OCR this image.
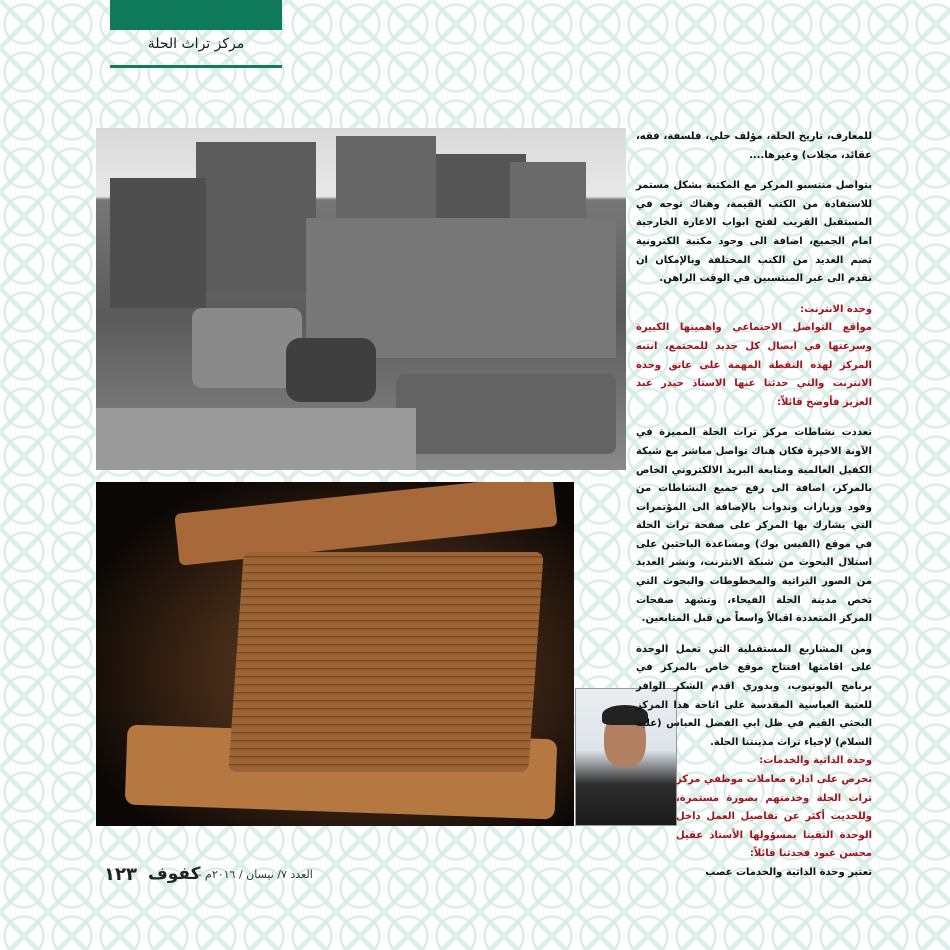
مركز تراث الحلة

للمعارف، تاريخ الحلة، مؤلف حلي، فلسفة، فقه، عقائد، مجلات) وغيرها....

بتواصل منتسبو المركز مع المكتبة بشكل مستمر للاستفادة من الكتب القيمة، وهناك توجه في المستقبل القريب لفتح ابواب الاعارة الخارجية امام الجميع، اضافة الى وجود مكتبة الكترونية تضم العديد من الكتب المختلفة وبالإمكان ان تقدم الى غير المنتسبين في الوقت الراهن.

وحدة الانترنت:

مواقع التواصل الاجتماعي واهميتها الكبيرة وسرعتها في ايصال كل جديد للمجتمع، انتبه المركز لهذه النقطة المهمة على عاتق وحدة الانترنت والتي حدثنا عنها الاستاذ حيدر عبد العزيز فأوضح قائلاً:

تعددت نشاطات مركز تراث الحلة المميزة في الآونة الاخيرة فكان هناك تواصل مباشر مع شبكة الكفيل العالمية ومتابعة البريد الالكتروني الخاص بالمركز، اضافة الى رفع جميع النشاطات من وفود وزيارات وندوات بالإضافة الى المؤتمرات التي يشارك بها المركز على صفحة تراث الحلة في موقع (الفيس بوك) ومساعدة الباحثين على استلال البحوث من شبكة الانترنت، ونشر العديد من الصور التراثية والمخطوطات والبحوث التي تخص مدينة الحلة الفيحاء، وتشهد صفحات المركز المتعددة اقبالاً واسعاً من قبل المتابعين.

ومن المشاريع المستقبلية التي تعمل الوحدة على اقامتها افتتاح موقع خاص بالمركز في برنامج اليوتيوب، وبدوري اقدم الشكر الوافر للعتبة العباسية المقدسة على اتاحة هذا المركز البحثي القيم في ظل ابي الفضل العباس (عليه السلام) لإحياء تراث مدينتنا الحلة.

وحدة الذاتية والخدمات:

تحرص على ادارة معاملات موظفي مركز تراث الحلة وخدمتهم بصورة مستمرة، وللحديث أكثر عن تفاصيل العمل داخل الوحدة التقينا بمسؤولها الأستاذ عقيل محسن عبود فحدثنا قائلاً:

تعتبر وحدة الذاتية والخدمات عصب

١٢٣ كفوف
العدد ٧/ نيسان / ٢٠١٦م –
